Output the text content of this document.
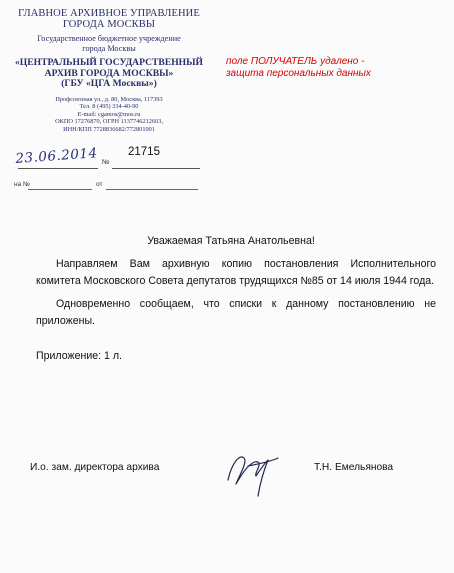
ГЛАВНОЕ АРХИВНОЕ УПРАВЛЕНИЕ
ГОРОДА МОСКВЫ
Государственное бюджетное учреждение
города Москвы
«ЦЕНТРАЛЬНЫЙ ГОСУДАРСТВЕННЫЙ
АРХИВ ГОРОДА МОСКВЫ»
(ГБУ «ЦГА Москвы»)
Профсоюзная ул., д. 80, Москва, 117393
Тел. 8 (495) 334-40-90
E-mail: cgamos@mos.ru
ОКПО 17276870, ОГРН 1137746212603,
ИНН/КПП 7728836682/772801001
21715
23.06.2014 №
на №	от
поле ПОЛУЧАТЕЛЬ удалено -
защита персональных данных
Уважаемая Татьяна Анатольевна!
Направляем Вам архивную копию постановления Исполнительного комитета Московского Совета депутатов трудящихся №85 от 14 июля 1944 года.
Одновременно сообщаем, что списки к данному постановлению не приложены.
Приложение: 1 л.
И.о. зам. директора архива	Т.Н. Емельянова
